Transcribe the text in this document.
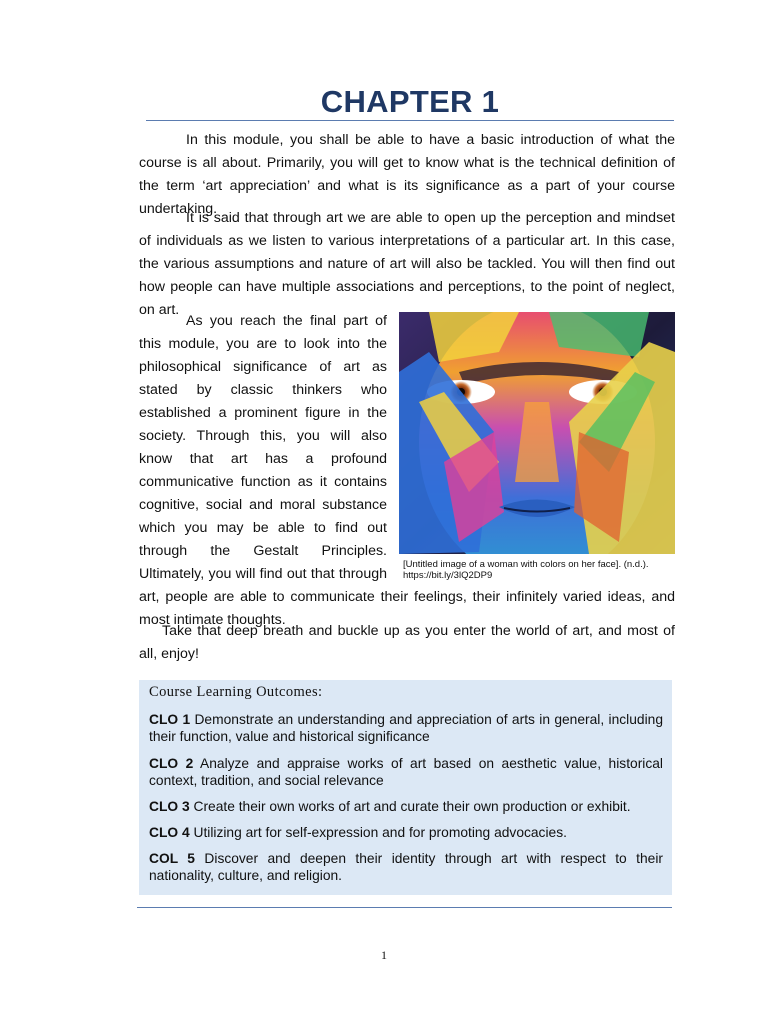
CHAPTER 1

In this module, you shall be able to have a basic introduction of what the course is all about. Primarily, you will get to know what is the technical definition of the term ‘art appreciation’ and what is its significance as a part of your course undertaking.

It is said that through art we are able to open up the perception and mindset of individuals as we listen to various interpretations of a particular art. In this case, the various assumptions and nature of art will also be tackled. You will then find out how people can have multiple associations and perceptions, to the point of neglect, on art.

[Untitled image of a woman with colors on her face]. (n.d.).
https://bit.ly/3lQ2DP9

As you reach the final part of this module, you are to look into the philosophical significance of art as stated by classic thinkers who established a prominent figure in the society. Through this, you will also know that art has a profound communicative function as it contains cognitive, social and moral substance which you may be able to find out through the Gestalt Principles. Ultimately, you will find out that through art, people are able to communicate their feelings, their infinitely varied ideas, and most intimate thoughts.

Take that deep breath and buckle up as you enter the world of art, and most of all, enjoy!

Course Learning Outcomes:

CLO 1 Demonstrate an understanding and appreciation of arts in general, including their function, value and historical significance

CLO 2 Analyze and appraise works of art based on aesthetic value, historical context, tradition, and social relevance

CLO 3 Create their own works of art and curate their own production or exhibit.

CLO 4 Utilizing art for self-expression and for promoting advocacies.

COL 5 Discover and deepen their identity through art with respect to their nationality, culture, and religion.

1
